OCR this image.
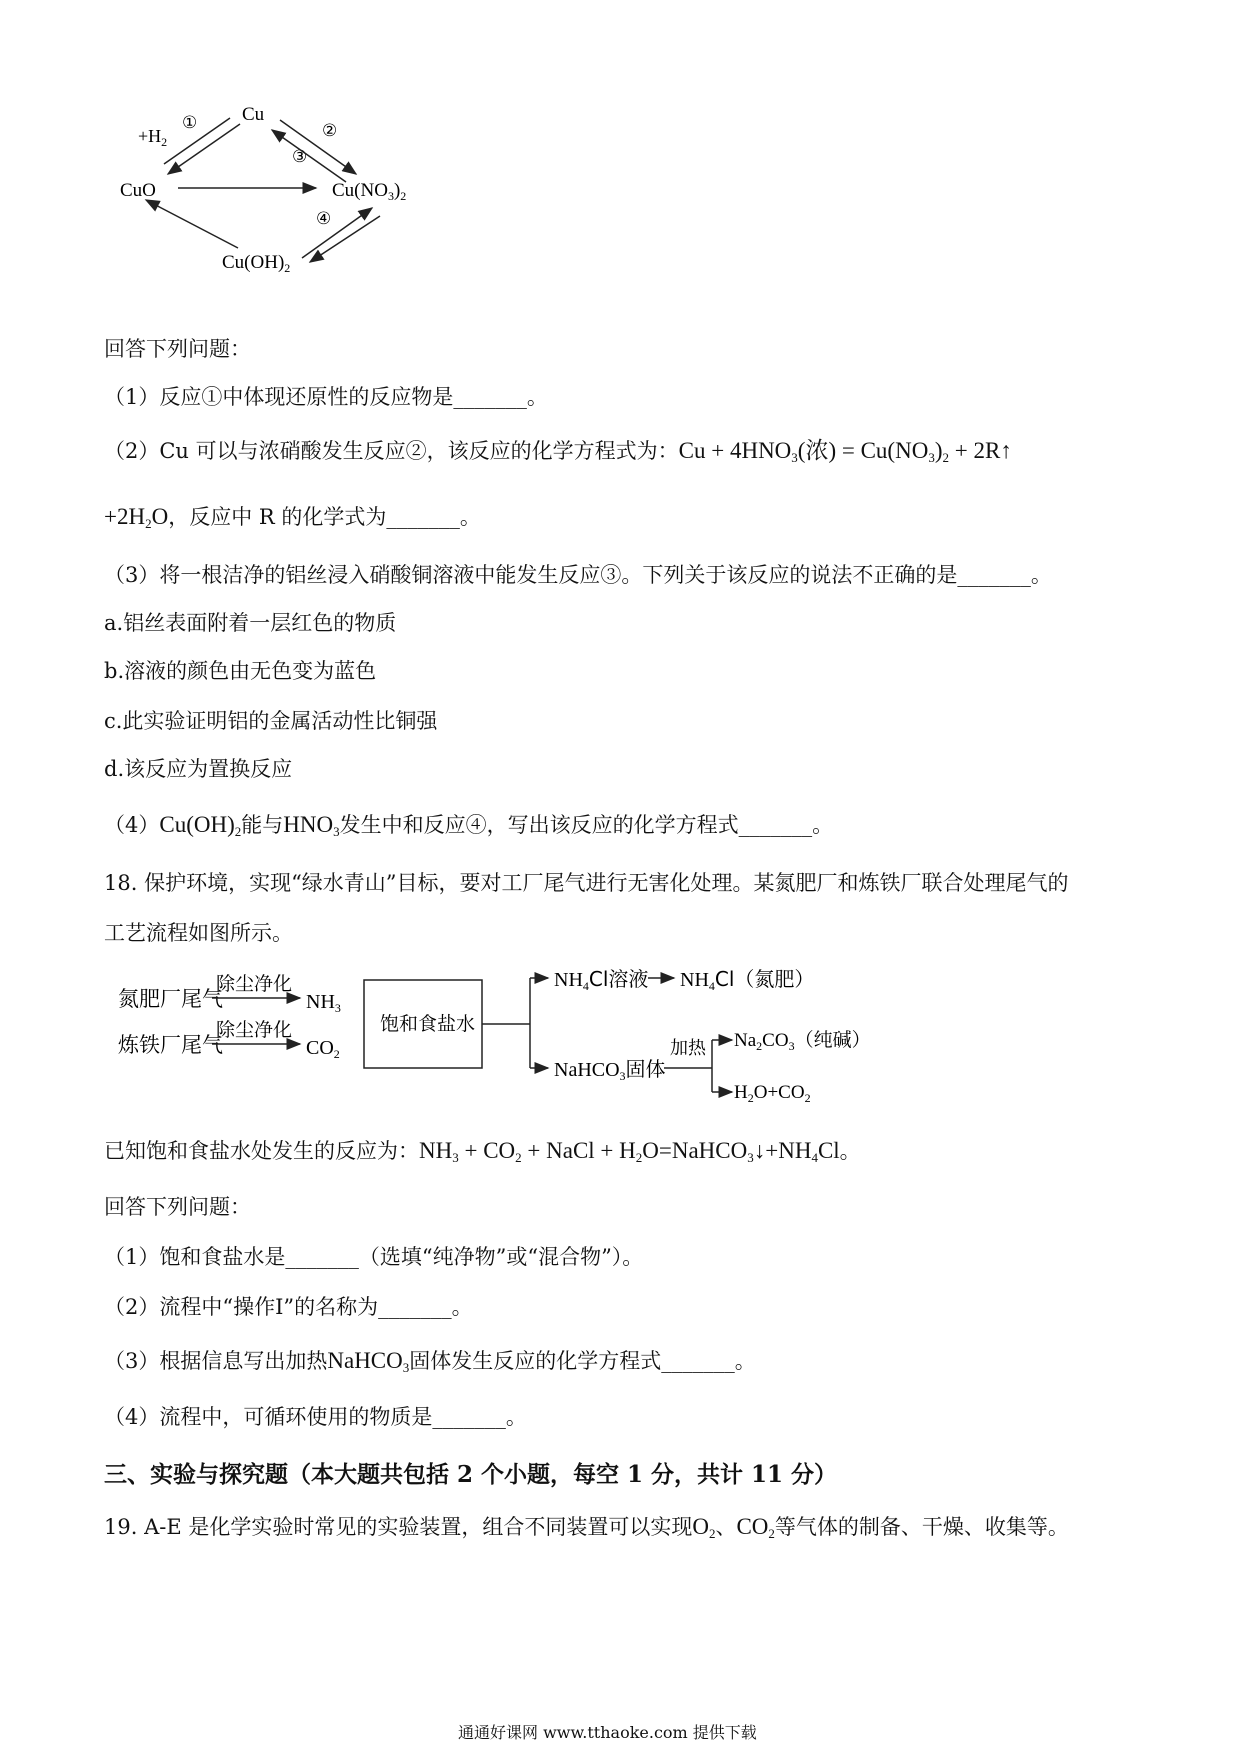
Cu
CuO	$Cu(NO_3)_2$
$Cu(OH)_2$
$+H_2$
①	②
③
④
回答下列问题：
（1）反应①中体现还原性的反应物是_______。
（2）Cu 可以与浓硝酸发生反应②，该反应的化学方程式为：$Cu + 4HNO_3$(浓) = $Cu(NO_3)_2$ + 2R↑
$+2H_2O$，反应中 R 的化学式为_______。
（3）将一根洁净的铝丝浸入硝酸铜溶液中能发生反应③。下列关于该反应的说法不正确的是_______。
a.铝丝表面附着一层红色的物质
b.溶液的颜色由无色变为蓝色
c.此实验证明铝的金属活动性比铜强
d.该反应为置换反应
$(4)Cu(OH)_2$能与$HNO_3$发生中和反应④，写出该反应的化学方程式_______。
18. 保护环境，实现“绿水青山”目标，要对工厂尾气进行无害化处理。某氮肥厂和炼铁厂联合处理尾气的
工艺流程如图所示。
氮肥厂尾气
炼铁厂尾气
除尘净化
除尘净化
$NH_3$
$CO_2$
饱和食盐水
$NH_4Cl$溶液 $NH_4Cl$（氮肥）
NaHCO$_3$固体
加热 $Na_2CO_3$（纯碱）
$H_2O+CO_2$
已知饱和食盐水处发生的反应为：$NH_3 + CO_2$ + NaCl + $H_2O=NaHCO_3↓+NH_4Cl$。
回答下列问题：
（1）饱和食盐水是_______（选填“纯净物”或“混合物”）。
（2）流程中“操作Ⅰ”的名称为_______。
（3）根据信息写出加热NaHCO$_3$固体发生反应的化学方程式_______。
（4）流程中，可循环使用的物质是_______。
三、实验与探究题（本大题共包括 2 个小题，每空 1 分，共计 11 分）
19. A-E 是化学实验时常见的实验装置，组合不同装置可以实现$O_2$、$CO_2$等气体的制备、干燥、收集等。
通通好课网 www.tthaoke.com 提供下载
